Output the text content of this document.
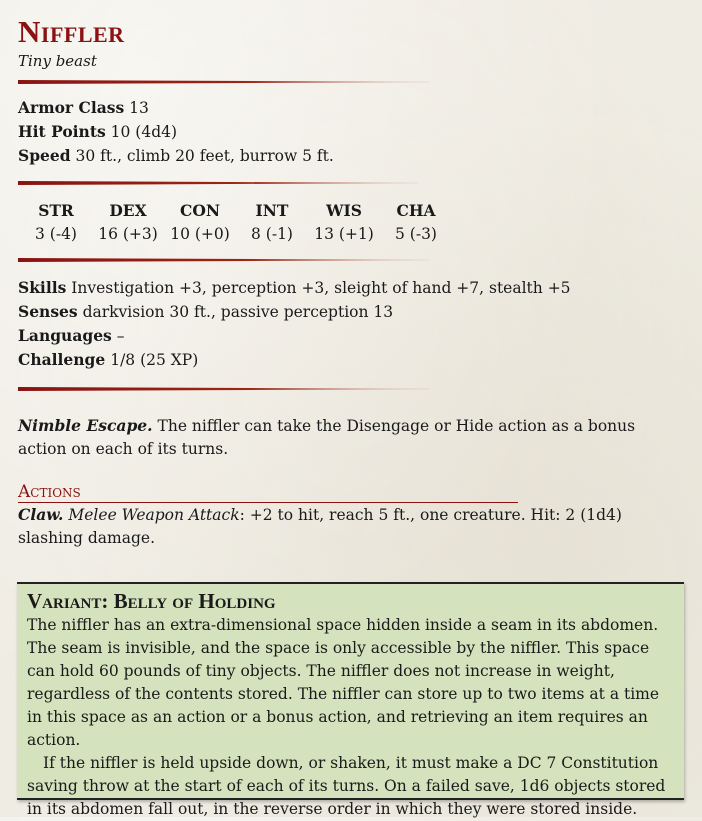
Niffler
Tiny beast
Armor Class 13
Hit Points 10 (4d4)
Speed 30 ft., climb 20 feet, burrow 5 ft.
STR
3 (-4)
DEX
16 (+3)
CON
10 (+0)
INT
8 (-1)
WIS
13 (+1)
CHA
5 (-3)
Skills Investigation +3, perception +3, sleight of hand +7, stealth +5
Senses darkvision 30 ft., passive perception 13
Languages –
Challenge 1/8 (25 XP)
Nimble Escape. The niffler can take the Disengage or Hide action as a bonus action on each of its turns.
Actions
Claw. Melee Weapon Attack: +2 to hit, reach 5 ft., one creature. Hit: 2 (1d4) slashing damage.
Variant: Belly of Holding

The niffler has an extra-dimensional space hidden inside a seam in its abdomen. The seam is invisible, and the space is only accessible by the niffler. This space can hold 60 pounds of tiny objects. The niffler does not increase in weight, regardless of the contents stored. The niffler can store up to two items at a time in this space as an action or a bonus action, and retrieving an item requires an action.

If the niffler is held upside down, or shaken, it must make a DC 7 Constitution saving throw at the start of each of its turns. On a failed save, 1d6 objects stored in its abdomen fall out, in the reverse order in which they were stored inside.
